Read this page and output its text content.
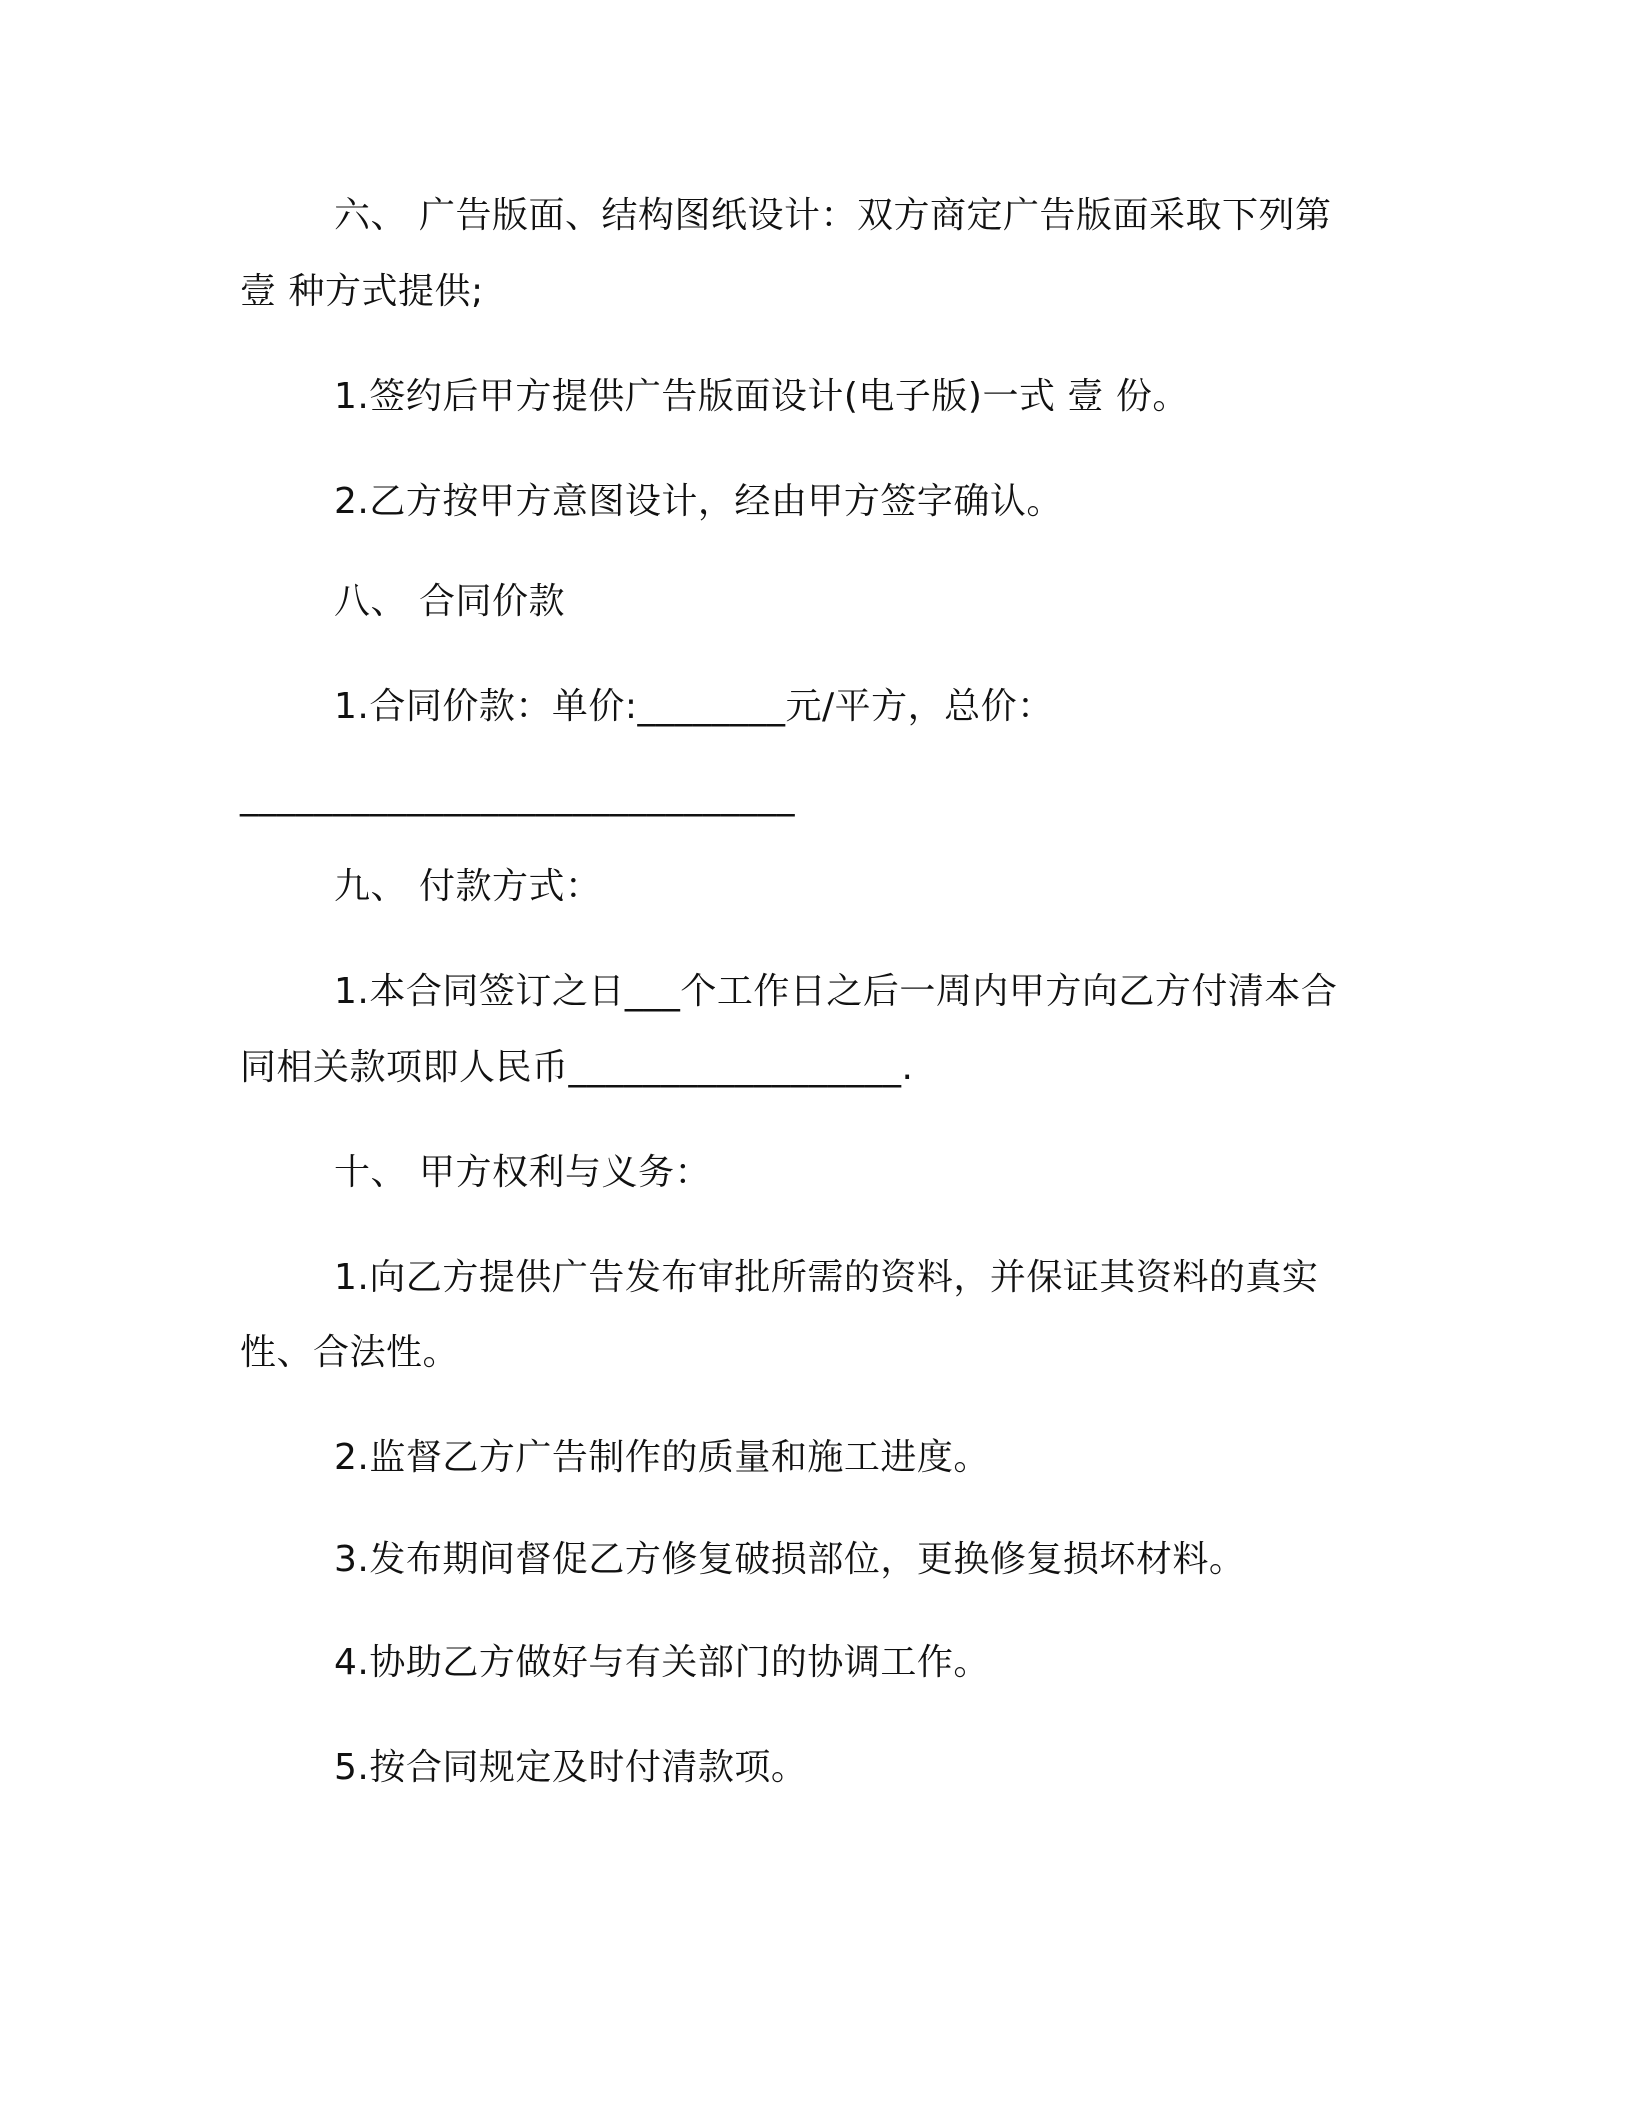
六、 广告版面、结构图纸设计：双方商定广告版面采取下列第
壹 种方式提供;
1.签约后甲方提供广告版面设计(电子版)一式 壹 份。
2.乙方按甲方意图设计，经由甲方签字确认。
八、 合同价款
1.合同价款：单价:________元/平方，总价：
______________________________
九、 付款方式：
1.本合同签订之日___个工作日之后一周内甲方向乙方付清本合
同相关款项即人民币__________________.
十、 甲方权利与义务：
1.向乙方提供广告发布审批所需的资料，并保证其资料的真实
性、合法性。
2.监督乙方广告制作的质量和施工进度。
3.发布期间督促乙方修复破损部位，更换修复损坏材料。
4.协助乙方做好与有关部门的协调工作。
5.按合同规定及时付清款项。
